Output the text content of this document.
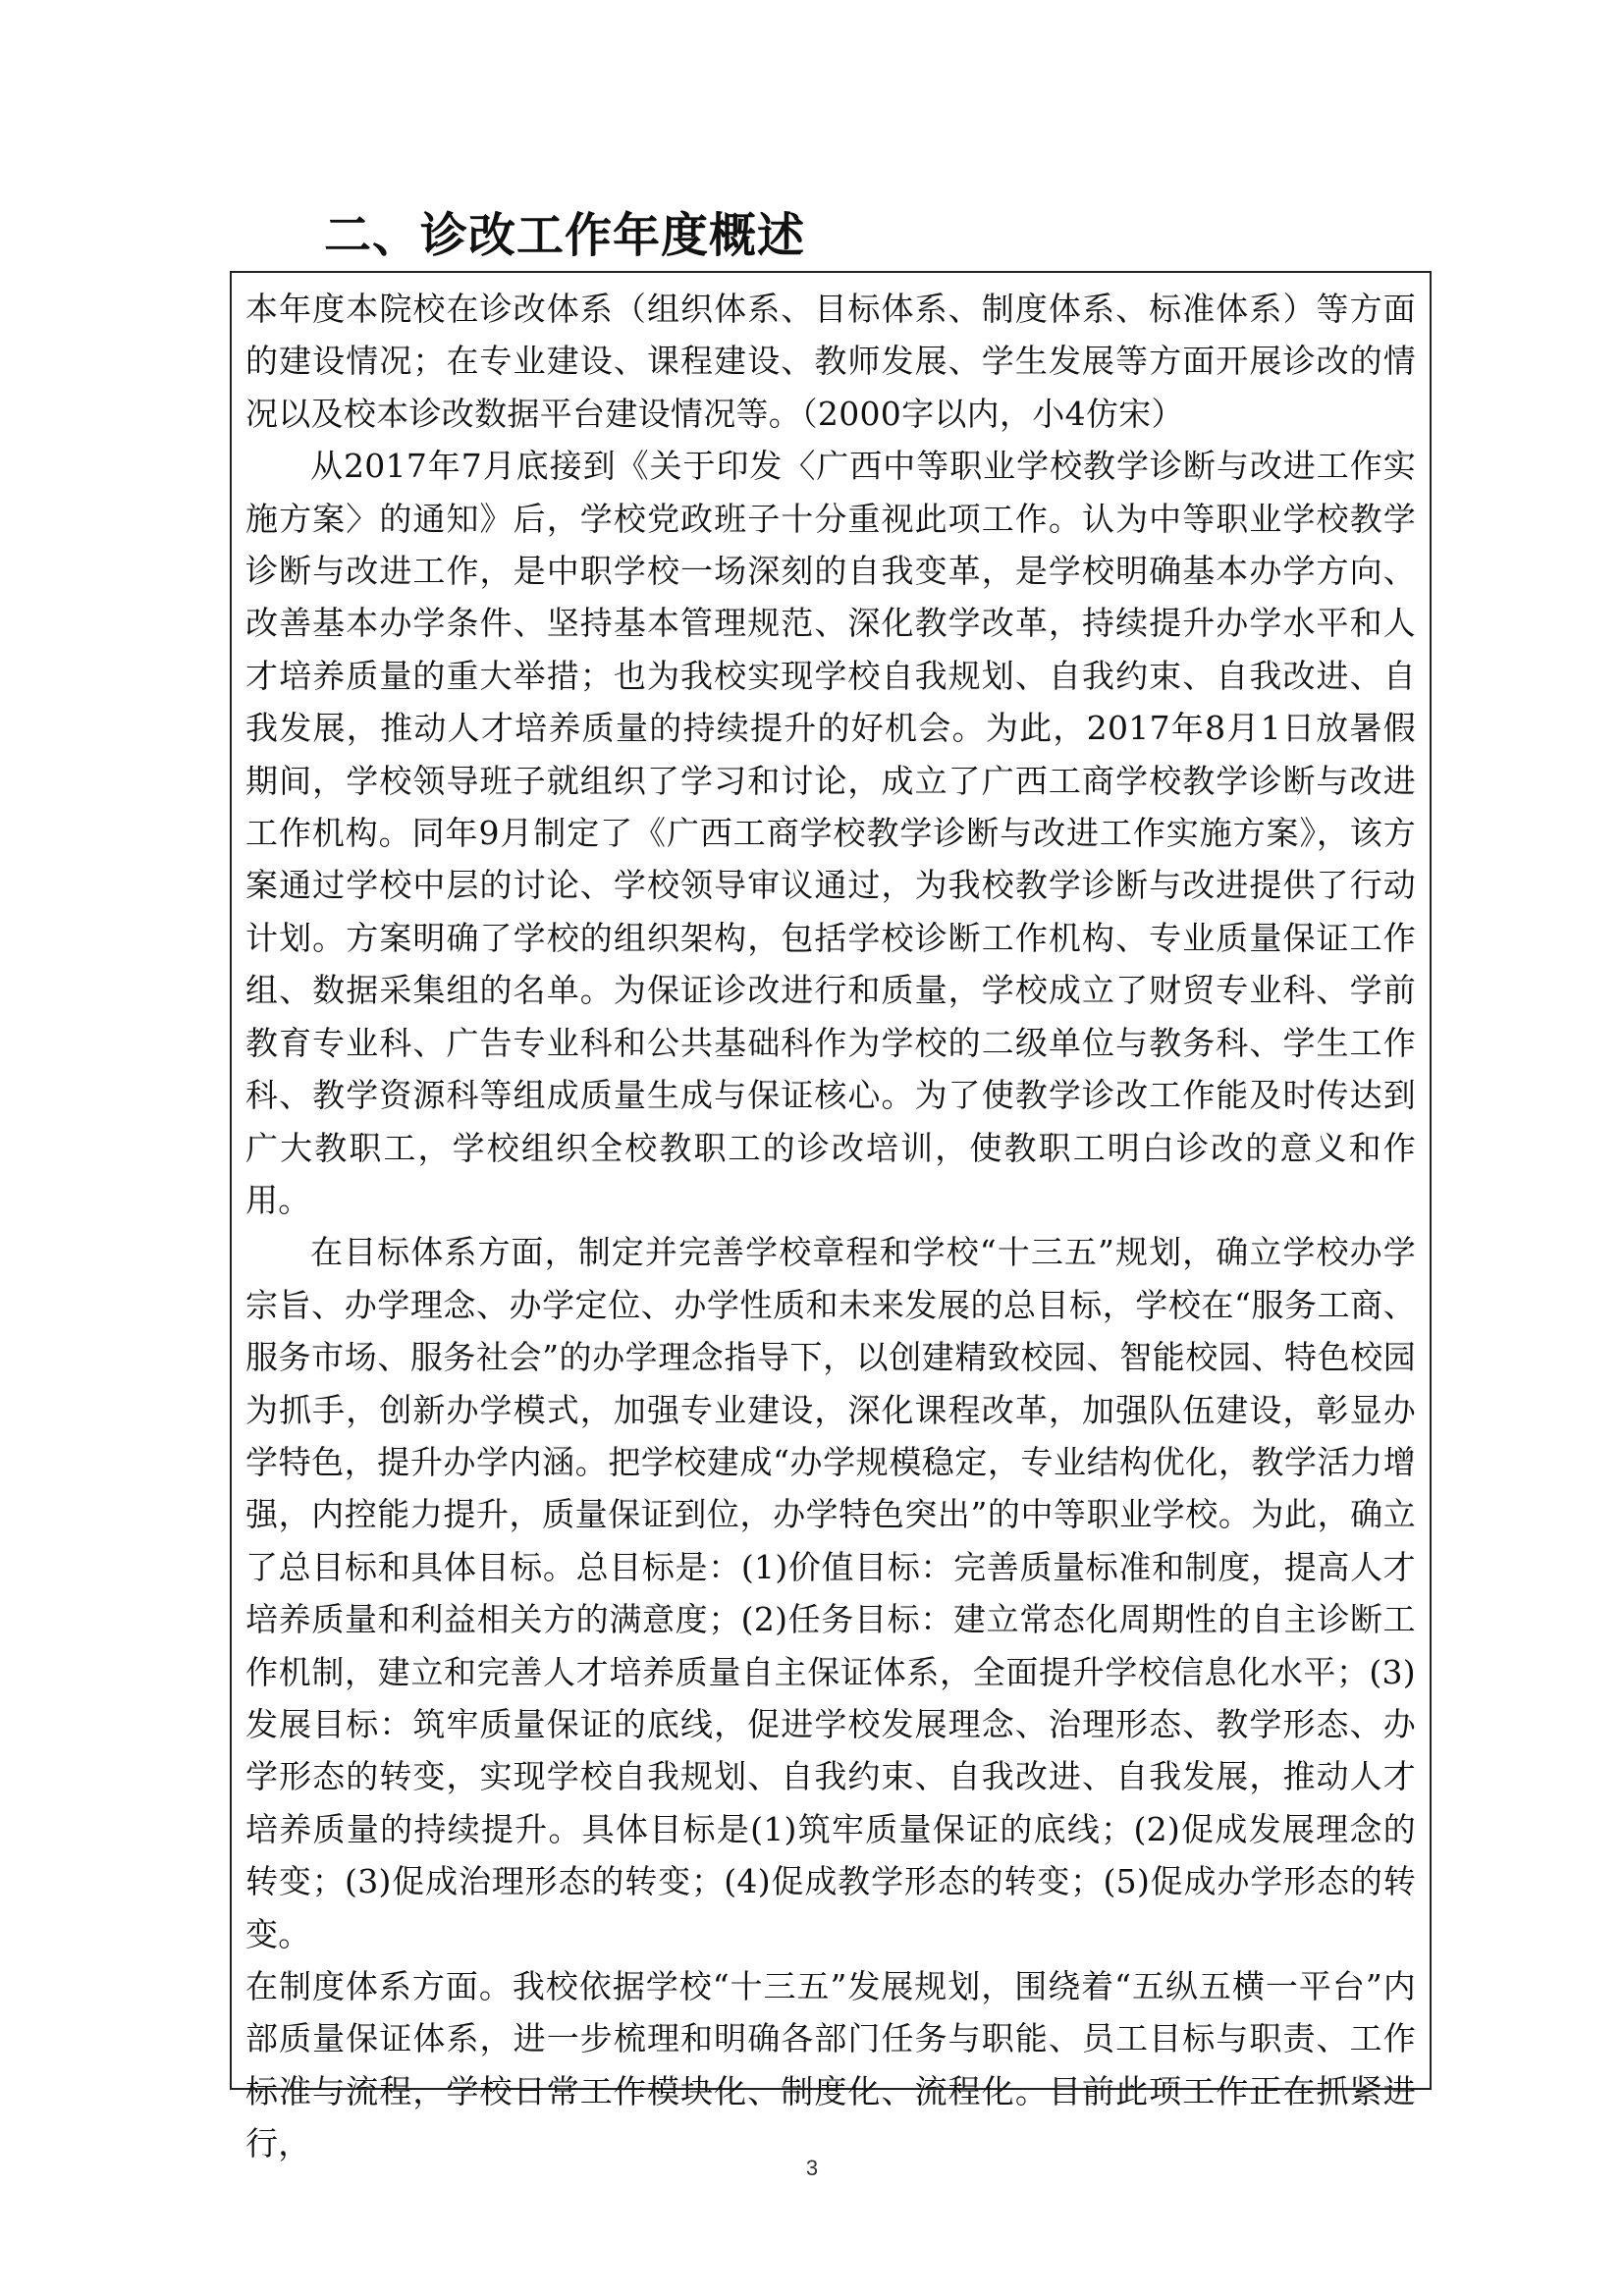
二、诊改工作年度概述

本年度本院校在诊改体系（组织体系、目标体系、制度体系、标准体系）等方面的建设情况；在专业建设、课程建设、教师发展、学生发展等方面开展诊改的情况以及校本诊改数据平台建设情况等。（2000字以内，小4仿宋）

从2017年7月底接到《关于印发〈广西中等职业学校教学诊断与改进工作实施方案〉的通知》后，学校党政班子十分重视此项工作。认为中等职业学校教学诊断与改进工作，是中职学校一场深刻的自我变革，是学校明确基本办学方向、改善基本办学条件、坚持基本管理规范、深化教学改革，持续提升办学水平和人才培养质量的重大举措；也为我校实现学校自我规划、自我约束、自我改进、自我发展，推动人才培养质量的持续提升的好机会。为此，2017年8月1日放暑假期间，学校领导班子就组织了学习和讨论，成立了广西工商学校教学诊断与改进工作机构。同年9月制定了《广西工商学校教学诊断与改进工作实施方案》，该方案通过学校中层的讨论、学校领导审议通过，为我校教学诊断与改进提供了行动计划。方案明确了学校的组织架构，包括学校诊断工作机构、专业质量保证工作组、数据采集组的名单。为保证诊改进行和质量，学校成立了财贸专业科、学前教育专业科、广告专业科和公共基础科作为学校的二级单位与教务科、学生工作科、教学资源科等组成质量生成与保证核心。为了使教学诊改工作能及时传达到广大教职工，学校组织全校教职工的诊改培训，使教职工明白诊改的意义和作用。

在目标体系方面，制定并完善学校章程和学校“十三五”规划，确立学校办学宗旨、办学理念、办学定位、办学性质和未来发展的总目标，学校在“服务工商、服务市场、服务社会”的办学理念指导下，以创建精致校园、智能校园、特色校园为抓手，创新办学模式，加强专业建设，深化课程改革，加强队伍建设，彰显办学特色，提升办学内涵。把学校建成“办学规模稳定，专业结构优化，教学活力增强，内控能力提升，质量保证到位，办学特色突出”的中等职业学校。为此，确立了总目标和具体目标。总目标是：(1)价值目标：完善质量标准和制度，提高人才培养质量和利益相关方的满意度；(2)任务目标：建立常态化周期性的自主诊断工作机制，建立和完善人才培养质量自主保证体系，全面提升学校信息化水平；(3)发展目标：筑牢质量保证的底线，促进学校发展理念、治理形态、教学形态、办学形态的转变，实现学校自我规划、自我约束、自我改进、自我发展，推动人才培养质量的持续提升。具体目标是(1)筑牢质量保证的底线；(2)促成发展理念的转变；(3)促成治理形态的转变；(4)促成教学形态的转变；(5)促成办学形态的转变。

在制度体系方面。我校依据学校“十三五”发展规划，围绕着“五纵五横一平台”内部质量保证体系，进一步梳理和明确各部门任务与职能、员工目标与职责、工作标准与流程，学校日常工作模块化、制度化、流程化。目前此项工作正在抓紧进行，

3
